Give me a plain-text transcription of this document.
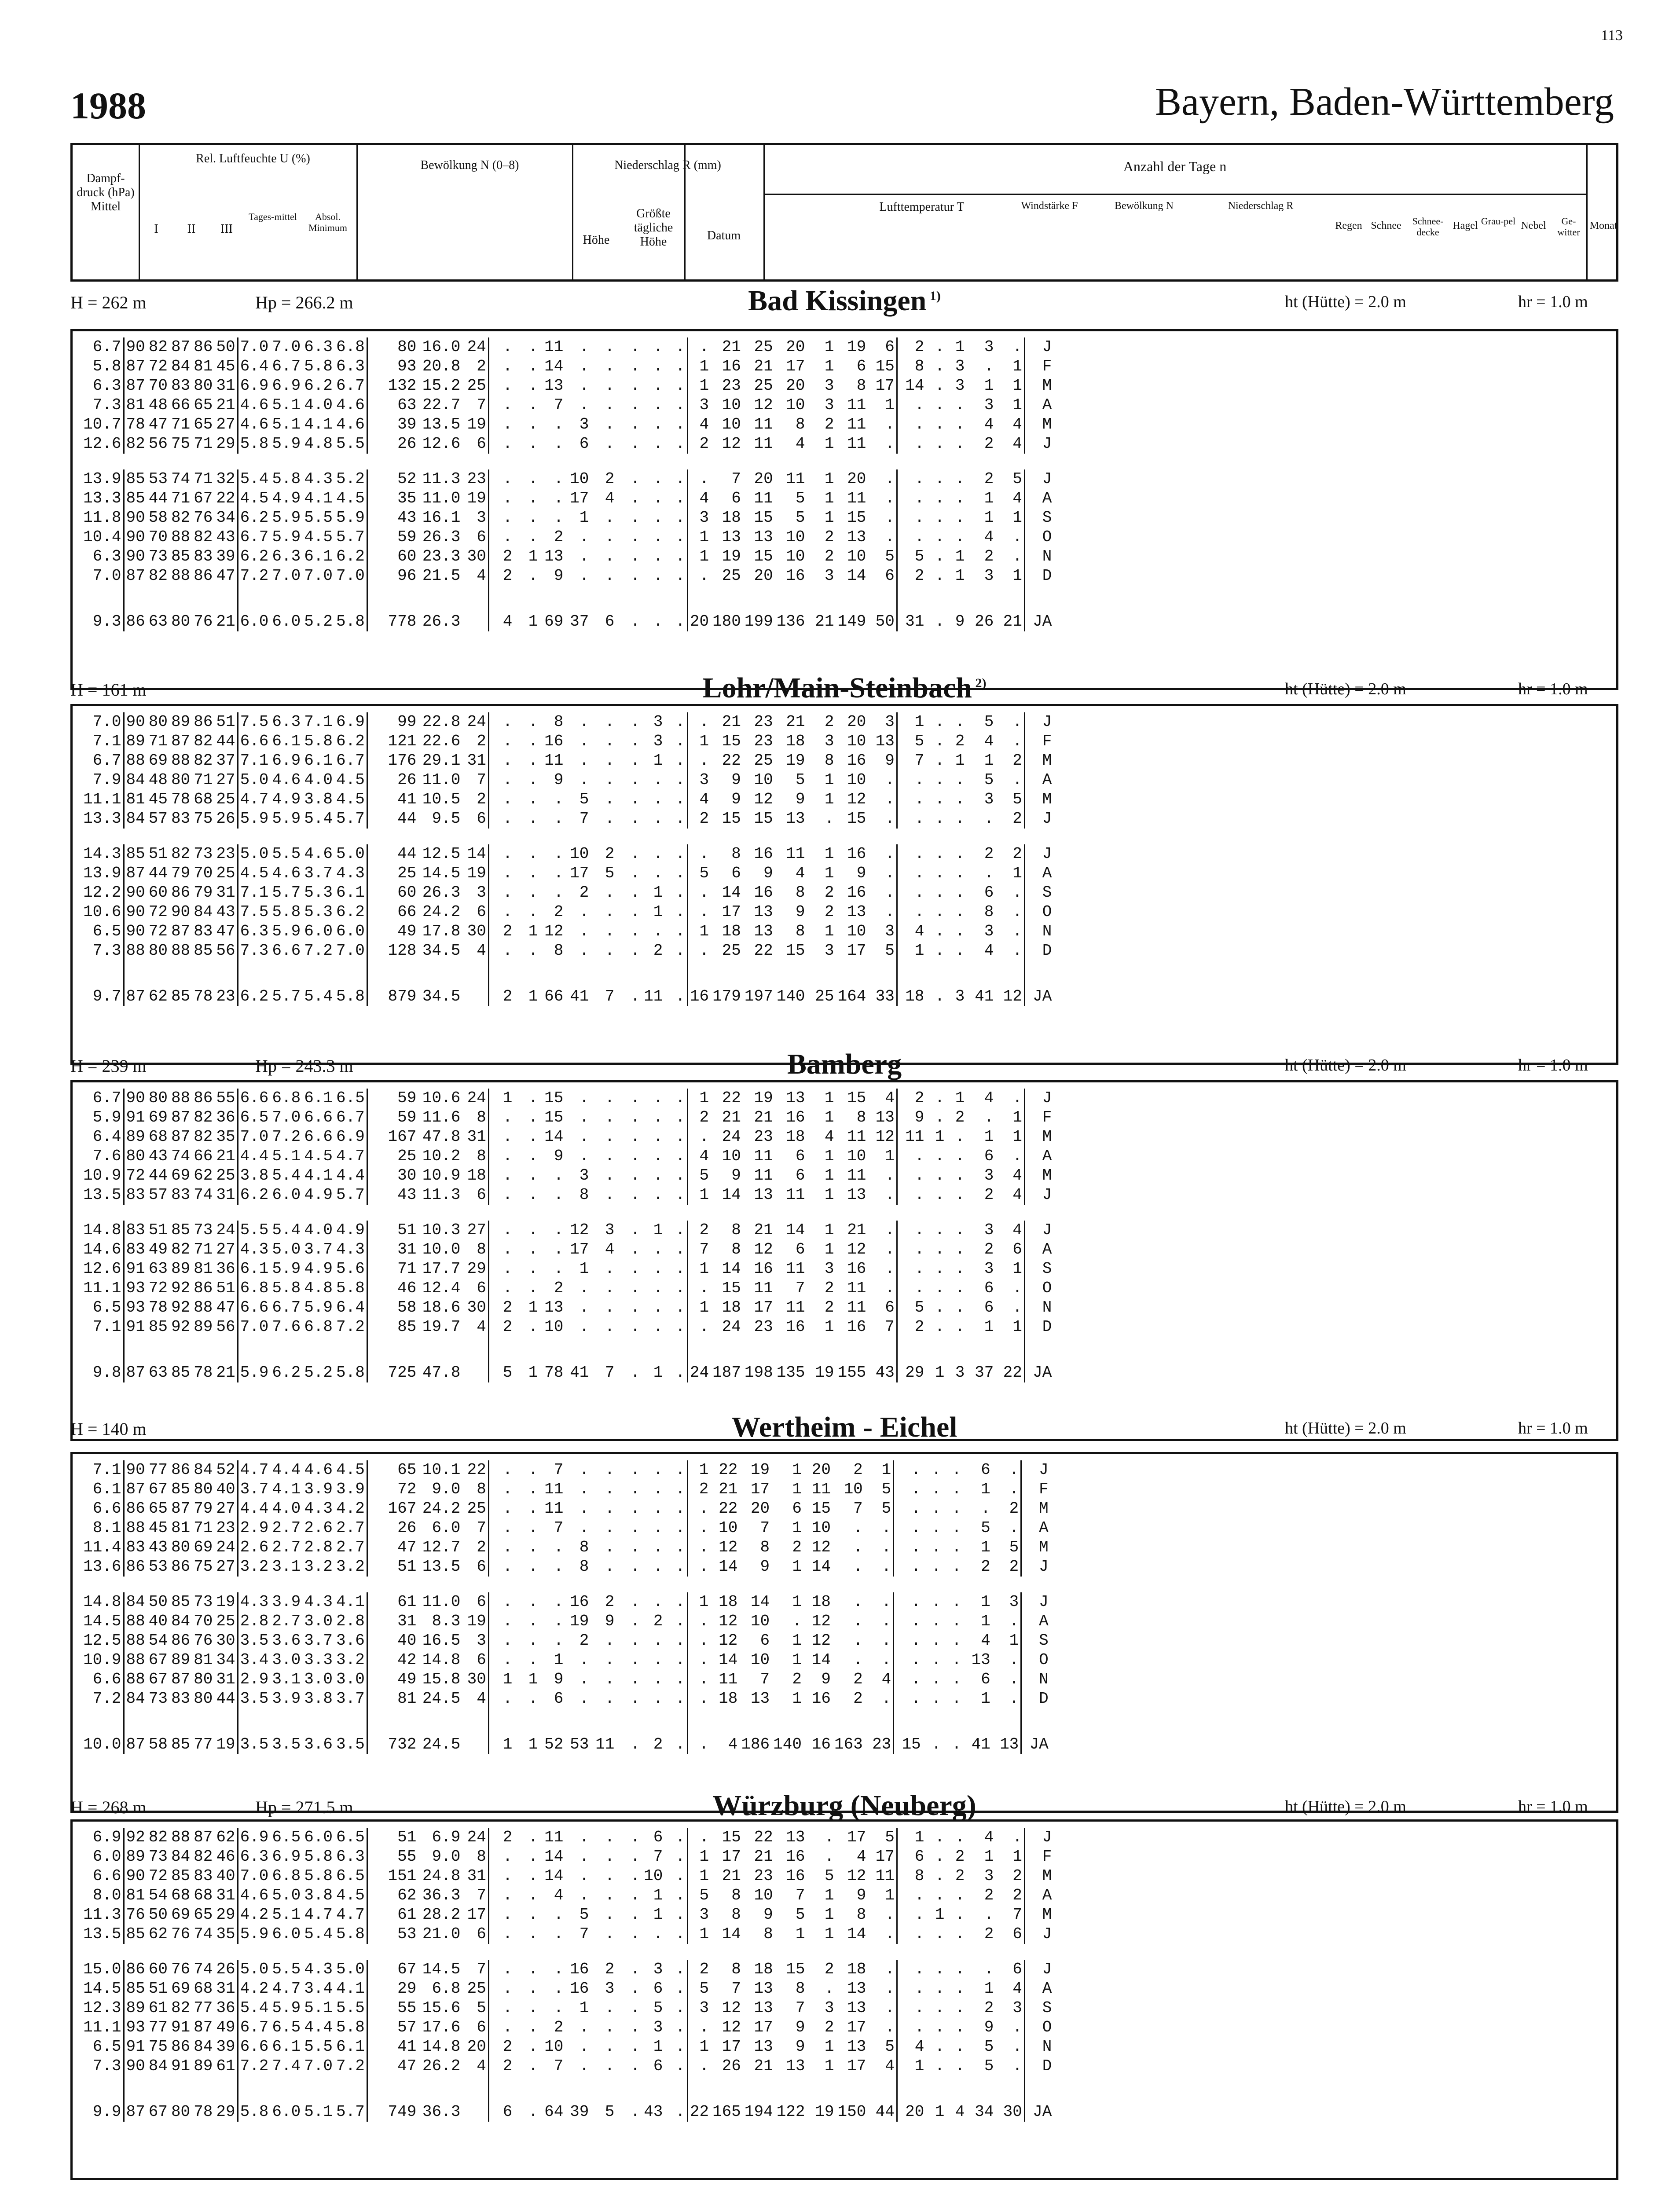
113
1988	Bayern, Baden-Württemberg
Dampf-druck (hPa) Mittel
Rel. Luftfeuchte U (%)	Bewölkung N (0–8)	Niederschlag R (mm)	Anzahl der Tage n
Höhe
Größte tägliche Höhe
Lufttemperatur T	Windstärke F	Bewölkung N	Niederschlag R
Regen Schnee	Schnee-decke
Hagel Grau-pel Nebel	Ge-witter
Monat
I	II	III
Tages-mittel	Absol. Minimum
Datum
H = 262 m	Hp = 266.2 m	Bad Kissingen $^{1)}$	ht (Hütte) = 2.0 m	hr = 1.0 m
6.7	90	82	87	86	50	7.0	7.0	6.3	6.8	80	16.0	24	.	.	11	.	.	.	.	.	.	21	25	20	1	19	6	2	.	1	3	.	J
5.8	87	72	84	81	45	6.4	6.7	5.8	6.3	93	20.8	2	.	.	14	.	.	.	.	.	1	16	21	17	1	6	15	8	.	3	.	1	F
6.3	87	70	83	80	31	6.9	6.9	6.2	6.7	132	15.2	25	.	.	13	.	.	.	.	.	1	23	25	20	3	8	17	14	.	3	1	1	M
7.3	81	48	66	65	21	4.6	5.1	4.0	4.6	63	22.7	7	.	.	7	.	.	.	.	.	3	10	12	10	3	11	1	.	.	.	3	1	A
10.7	78	47	71	65	27	4.6	5.1	4.1	4.6	39	13.5	19	.	.	.	3	.	.	.	.	4	10	11	8	2	11	.	.	.	.	4	4	M
12.6	82	56	75	71	29	5.8	5.9	4.8	5.5	26	12.6	6	.	.	.	6	.	.	.	.	2	12	11	4	1	11	.	.	.	.	2	4	J

13.9	85	53	74	71	32	5.4	5.8	4.3	5.2	52	11.3	23	.	.	.	10	2	.	.	.	.	7	20	11	1	20	.	.	.	.	2	5	J
13.3	85	44	71	67	22	4.5	4.9	4.1	4.5	35	11.0	19	.	.	.	17	4	.	.	.	4	6	11	5	1	11	.	.	.	.	1	4	A
11.8	90	58	82	76	34	6.2	5.9	5.5	5.9	43	16.1	3	.	.	.	1	.	.	.	.	3	18	15	5	1	15	.	.	.	.	1	1	S
10.4	90	70	88	82	43	6.7	5.9	4.5	5.7	59	26.3	6	.	.	2	.	.	.	.	.	1	13	13	10	2	13	.	.	.	.	4	.	O
6.3	90	73	85	83	39	6.2	6.3	6.1	6.2	60	23.3	30	2	1	13	.	.	.	.	.	1	19	15	10	2	10	5	5	.	1	2	.	N
7.0	87	82	88	86	47	7.2	7.0	7.0	7.0	96	21.5	4	2	.	9	.	.	.	.	.	.	25	20	16	3	14	6	2	.	1	3	1	D
9.3	86	63	80	76	21	6.0	6.0	5.2	5.8	778	26.3		4	1	69	37	6	.	.	.	20	180	199	136	21	149	50	31	.	9	26	21	JA
H = 161 m	Lohr/Main-Steinbach $^{2)}$	ht (Hütte) = 2.0 m	hr = 1.0 m
7.0	90	80	89	86	51	7.5	6.3	7.1	6.9	99	22.8	24	.	.	8	.	.	.	3	.	.	21	23	21	2	20	3	1	.	.	5	.	J
7.1	89	71	87	82	44	6.6	6.1	5.8	6.2	121	22.6	2	.	.	16	.	.	.	3	.	1	15	23	18	3	10	13	5	.	2	4	.	F
6.7	88	69	88	82	37	7.1	6.9	6.1	6.7	176	29.1	31	.	.	11	.	.	.	1	.	.	22	25	19	8	16	9	7	.	1	1	2	M
7.9	84	48	80	71	27	5.0	4.6	4.0	4.5	26	11.0	7	.	.	9	.	.	.	.	.	3	9	10	5	1	10	.	.	.	.	5	.	A
11.1	81	45	78	68	25	4.7	4.9	3.8	4.5	41	10.5	2	.	.	.	5	.	.	.	.	4	9	12	9	1	12	.	.	.	.	3	5	M
13.3	84	57	83	75	26	5.9	5.9	5.4	5.7	44	9.5	6	.	.	.	7	.	.	.	.	2	15	15	13	.	15	.	.	.	.	.	2	J

14.3	85	51	82	73	23	5.0	5.5	4.6	5.0	44	12.5	14	.	.	.	10	2	.	.	.	.	8	16	11	1	16	.	.	.	.	2	2	J
13.9	87	44	79	70	25	4.5	4.6	3.7	4.3	25	14.5	19	.	.	.	17	5	.	.	.	5	6	9	4	1	9	.	.	.	.	.	1	A
12.2	90	60	86	79	31	7.1	5.7	5.3	6.1	60	26.3	3	.	.	.	2	.	.	1	.	.	14	16	8	2	16	.	.	.	.	6	.	S
10.6	90	72	90	84	43	7.5	5.8	5.3	6.2	66	24.2	6	.	.	2	.	.	.	1	.	.	17	13	9	2	13	.	.	.	.	8	.	O
6.5	90	72	87	83	47	6.3	5.9	6.0	6.0	49	17.8	30	2	1	12	.	.	.	.	.	1	18	13	8	1	10	3	4	.	.	3	.	N
7.3	88	80	88	85	56	7.3	6.6	7.2	7.0	128	34.5	4	.	.	8	.	.	.	2	.	.	25	22	15	3	17	5	1	.	.	4	.	D
9.7	87	62	85	78	23	6.2	5.7	5.4	5.8	879	34.5		2	1	66	41	7	.	11	.	16	179	197	140	25	164	33	18	.	3	41	12	JA
H = 239 m	Hp = 243.3 m	Bamberg	ht (Hütte) = 2.0 m	hr = 1.0 m
6.7	90	80	88	86	55	6.6	6.8	6.1	6.5	59	10.6	24	1	.	15	.	.	.	.	.	1	22	19	13	1	15	4	2	.	1	4	.	J
5.9	91	69	87	82	36	6.5	7.0	6.6	6.7	59	11.6	8	.	.	15	.	.	.	.	.	2	21	21	16	1	8	13	9	.	2	.	1	F
6.4	89	68	87	82	35	7.0	7.2	6.6	6.9	167	47.8	31	.	.	14	.	.	.	.	.	.	24	23	18	4	11	12	11	1	.	1	1	M
7.6	80	43	74	66	21	4.4	5.1	4.5	4.7	25	10.2	8	.	.	9	.	.	.	.	.	4	10	11	6	1	10	1	.	.	.	6	.	A
10.9	72	44	69	62	25	3.8	5.4	4.1	4.4	30	10.9	18	.	.	.	3	.	.	.	.	5	9	11	6	1	11	.	.	.	.	3	4	M
13.5	83	57	83	74	31	6.2	6.0	4.9	5.7	43	11.3	6	.	.	.	8	.	.	.	.	1	14	13	11	1	13	.	.	.	.	2	4	J

14.8	83	51	85	73	24	5.5	5.4	4.0	4.9	51	10.3	27	.	.	.	12	3	.	1	.	2	8	21	14	1	21	.	.	.	.	3	4	J
14.6	83	49	82	71	27	4.3	5.0	3.7	4.3	31	10.0	8	.	.	.	17	4	.	.	.	7	8	12	6	1	12	.	.	.	.	2	6	A
12.6	91	63	89	81	36	6.1	5.9	4.9	5.6	71	17.7	29	.	.	.	1	.	.	.	.	1	14	16	11	3	16	.	.	.	.	3	1	S
11.1	93	72	92	86	51	6.8	5.8	4.8	5.8	46	12.4	6	.	.	2	.	.	.	.	.	.	15	11	7	2	11	.	.	.	.	6	.	O
6.5	93	78	92	88	47	6.6	6.7	5.9	6.4	58	18.6	30	2	1	13	.	.	.	.	.	1	18	17	11	2	11	6	5	.	.	6	.	N
7.1	91	85	92	89	56	7.0	7.6	6.8	7.2	85	19.7	4	2	.	10	.	.	.	.	.	.	24	23	16	1	16	7	2	.	.	1	1	D
9.8	87	63	85	78	21	5.9	6.2	5.2	5.8	725	47.8		5	1	78	41	7	.	1	.	24	187	198	135	19	155	43	29	1	3	37	22	JA
H = 140 m	Wertheim - Eichel	ht (Hütte) = 2.0 m	hr = 1.0 m
7.1	90	77	86	84	52	4.7	4.4	4.6	4.5	65	10.1	22	.	.	7	.	.	.	.	.	1	22	19	1	20	2	1	.	.	.	6	.	J
6.1	87	67	85	80	40	3.7	4.1	3.9	3.9	72	9.0	8	.	.	11	.	.	.	.	.	2	21	17	1	11	10	5	.	.	.	1	.	F
6.6	86	65	87	79	27	4.4	4.0	4.3	4.2	167	24.2	25	.	.	11	.	.	.	.	.	.	22	20	6	15	7	5	.	.	.	.	2	M
8.1	88	45	81	71	23	2.9	2.7	2.6	2.7	26	6.0	7	.	.	7	.	.	.	.	.	.	10	7	1	10	.	.	.	.	.	5	.	A
11.4	83	43	80	69	24	2.6	2.7	2.8	2.7	47	12.7	2	.	.	.	8	.	.	.	.	.	12	8	2	12	.	.	.	.	.	1	5	M
13.6	86	53	86	75	27	3.2	3.1	3.2	3.2	51	13.5	6	.	.	.	8	.	.	.	.	.	14	9	1	14	.	.	.	.	.	2	2	J

14.8	84	50	85	73	19	4.3	3.9	4.3	4.1	61	11.0	6	.	.	.	16	2	.	.	.	1	18	14	1	18	.	.	.	.	.	1	3	J
14.5	88	40	84	70	25	2.8	2.7	3.0	2.8	31	8.3	19	.	.	.	19	9	.	2	.	.	12	10	.	12	.	.	.	.	.	1	.	A
12.5	88	54	86	76	30	3.5	3.6	3.7	3.6	40	16.5	3	.	.	.	2	.	.	.	.	.	12	6	1	12	.	.	.	.	.	4	1	S
10.9	88	67	89	81	34	3.4	3.0	3.3	3.2	42	14.8	6	.	.	1	.	.	.	.	.	.	14	10	1	14	.	.	.	.	.	13	.	O
6.6	88	67	87	80	31	2.9	3.1	3.0	3.0	49	15.8	30	1	1	9	.	.	.	.	.	.	11	7	2	9	2	4	.	.	.	6	.	N
7.2	84	73	83	80	44	3.5	3.9	3.8	3.7	81	24.5	4	.	.	6	.	.	.	.	.	.	18	13	1	16	2	.	.	.	.	1	.	D
10.0	87	58	85	77	19	3.5	3.5	3.6	3.5	732	24.5		1	1	52	53	11	.	2	.	.	4	186	140	16	163	23	15	.	.	41	13	JA
H = 268 m	Hp = 271.5 m	Würzburg (Neuberg)	ht (Hütte) = 2.0 m	hr = 1.0 m
6.9	92	82	88	87	62	6.9	6.5	6.0	6.5	51	6.9	24	2	.	11	.	.	.	6	.	.	15	22	13	.	17	5	1	.	.	4	.	J
6.0	89	73	84	82	46	6.3	6.9	5.8	6.3	55	9.0	8	.	.	14	.	.	.	7	.	1	17	21	16	.	4	17	6	.	2	1	1	F
6.6	90	72	85	83	40	7.0	6.8	5.8	6.5	151	24.8	31	.	.	14	.	.	.	10	.	1	21	23	16	5	12	11	8	.	2	3	2	M
8.0	81	54	68	68	31	4.6	5.0	3.8	4.5	62	36.3	7	.	.	4	.	.	.	1	.	5	8	10	7	1	9	1	.	.	.	2	2	A
11.3	76	50	69	65	29	4.2	5.1	4.7	4.7	61	28.2	17	.	.	.	5	.	.	1	.	3	8	9	5	1	8	.	.	1	.	.	7	M
13.5	85	62	76	74	35	5.9	6.0	5.4	5.8	53	21.0	6	.	.	.	7	.	.	.	.	1	14	8	1	1	14	.	.	.	.	2	6	J

15.0	86	60	76	74	26	5.0	5.5	4.3	5.0	67	14.5	7	.	.	.	16	2	.	3	.	2	8	18	15	2	18	.	.	.	.	.	6	J
14.5	85	51	69	68	31	4.2	4.7	3.4	4.1	29	6.8	25	.	.	.	16	3	.	6	.	5	7	13	8	.	13	.	.	.	.	1	4	A
12.3	89	61	82	77	36	5.4	5.9	5.1	5.5	55	15.6	5	.	.	.	1	.	.	5	.	3	12	13	7	3	13	.	.	.	.	2	3	S
11.1	93	77	91	87	49	6.7	6.5	4.4	5.8	57	17.6	6	.	.	2	.	.	.	3	.	.	12	17	9	2	17	.	.	.	.	9	.	O
6.5	91	75	86	84	39	6.6	6.1	5.5	6.1	41	14.8	20	2	.	10	.	.	.	1	.	1	17	13	9	1	13	5	4	.	.	5	.	N
7.3	90	84	91	89	61	7.2	7.4	7.0	7.2	47	26.2	4	2	.	7	.	.	.	6	.	.	26	21	13	1	17	4	1	.	.	5	.	D
9.9	87	67	80	78	29	5.8	6.0	5.1	5.7	749	36.3		6	.	64	39	5	.	43	.	22	165	194	122	19	150	44	20	1	4	34	30	JA
